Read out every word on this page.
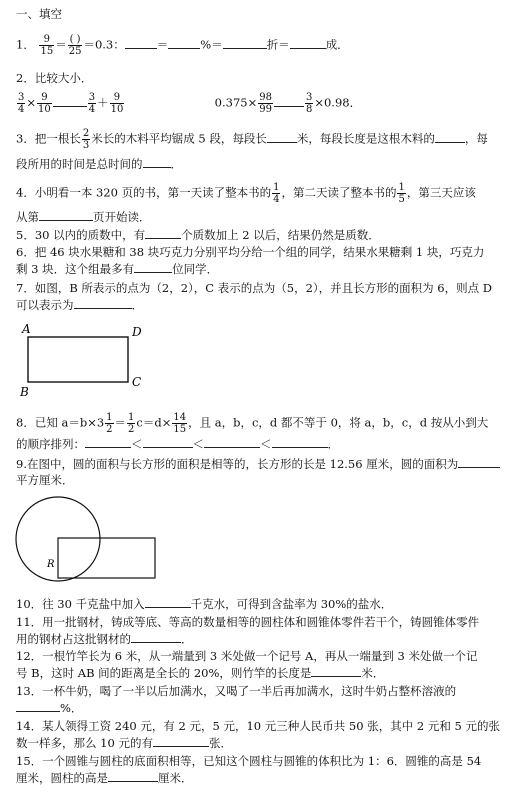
一、填空
1． $\frac{9}{15} = \frac{( )}{25} =0.3$：	＝	%＝	折＝	成．
2．比较大小．
$\frac{3}{4} \times \frac{9}{10}$	$\frac{3}{4} + \frac{9}{10}$	$0.375\times \frac{98}{99}$	$\frac{3}{8} \times 0.98$．
3．把一根长 $\frac{2}{3}$ 米长的木料平均锯成 5 段，每段长	米，每段长度是这根木料的	，每
段所用的时间是总时间的 ．
4．小明看一本 320 页的书，第一天读了整本书的 $\frac{1}{4}$ ，第二天读了整本书的 $\frac{1}{5}$ ，第三天应该
从第	页开始读．
5．30 以内的质数中，有	个质数加上 2 以后，结果仍然是质数．
6．把 46 块水果糖和 38 块巧克力分别平均分给一个组的同学，结果水果糖剩 1 块，巧克力
剩 3 块．这个组最多有	位同学．
7．如图，B 所表示的点为（2，2），C 表示的点为（5，2），并且长方形的面积为 6，则点 D
可以表示为	．
A	D
B
C
8．已知 $a=b\times 3 \frac{1}{2} = \frac{1}{2} c=d\times \frac{14}{15}$ ，且 a，b，c，d 都不等于 0，将 a，b，c，d 按从小到大
的顺序排列：	＜	＜	＜	．
9.在图中，圆的面积与长方形的面积是相等的，长方形的长是 12.56 厘米，圆的面积为
平方厘米．
R
10．往 30 千克盐中加入	千克水，可得到含盐率为 30%的盐水．
11．用一批钢材，铸成等底、等高的数量相等的圆柱体和圆锥体零件若干个，铸圆锥体零件
用的钢材占这批钢材的	．
12．一根竹竿长为 6 米，从一端量到 3 米处做一个记号 A，再从一端量到 3 米处做一个记
号 B，这时 AB 间的距离是全长的 20%，则竹竿的长度是	米．
13．一杯牛奶，喝了一半以后加满水，又喝了一半后再加满水，这时牛奶占整杯溶液的
%．
14．某人领得工资 240 元，有 2 元，5 元，10 元三种人民币共 50 张，其中 2 元和 5 元的张
数一样多，那么 10 元的有	张．
15．一个圆锥与圆柱的底面积相等，已知这个圆柱与圆锥的体积比为 1：6．圆锥的高是 54
厘米，圆柱的高是	厘米．
